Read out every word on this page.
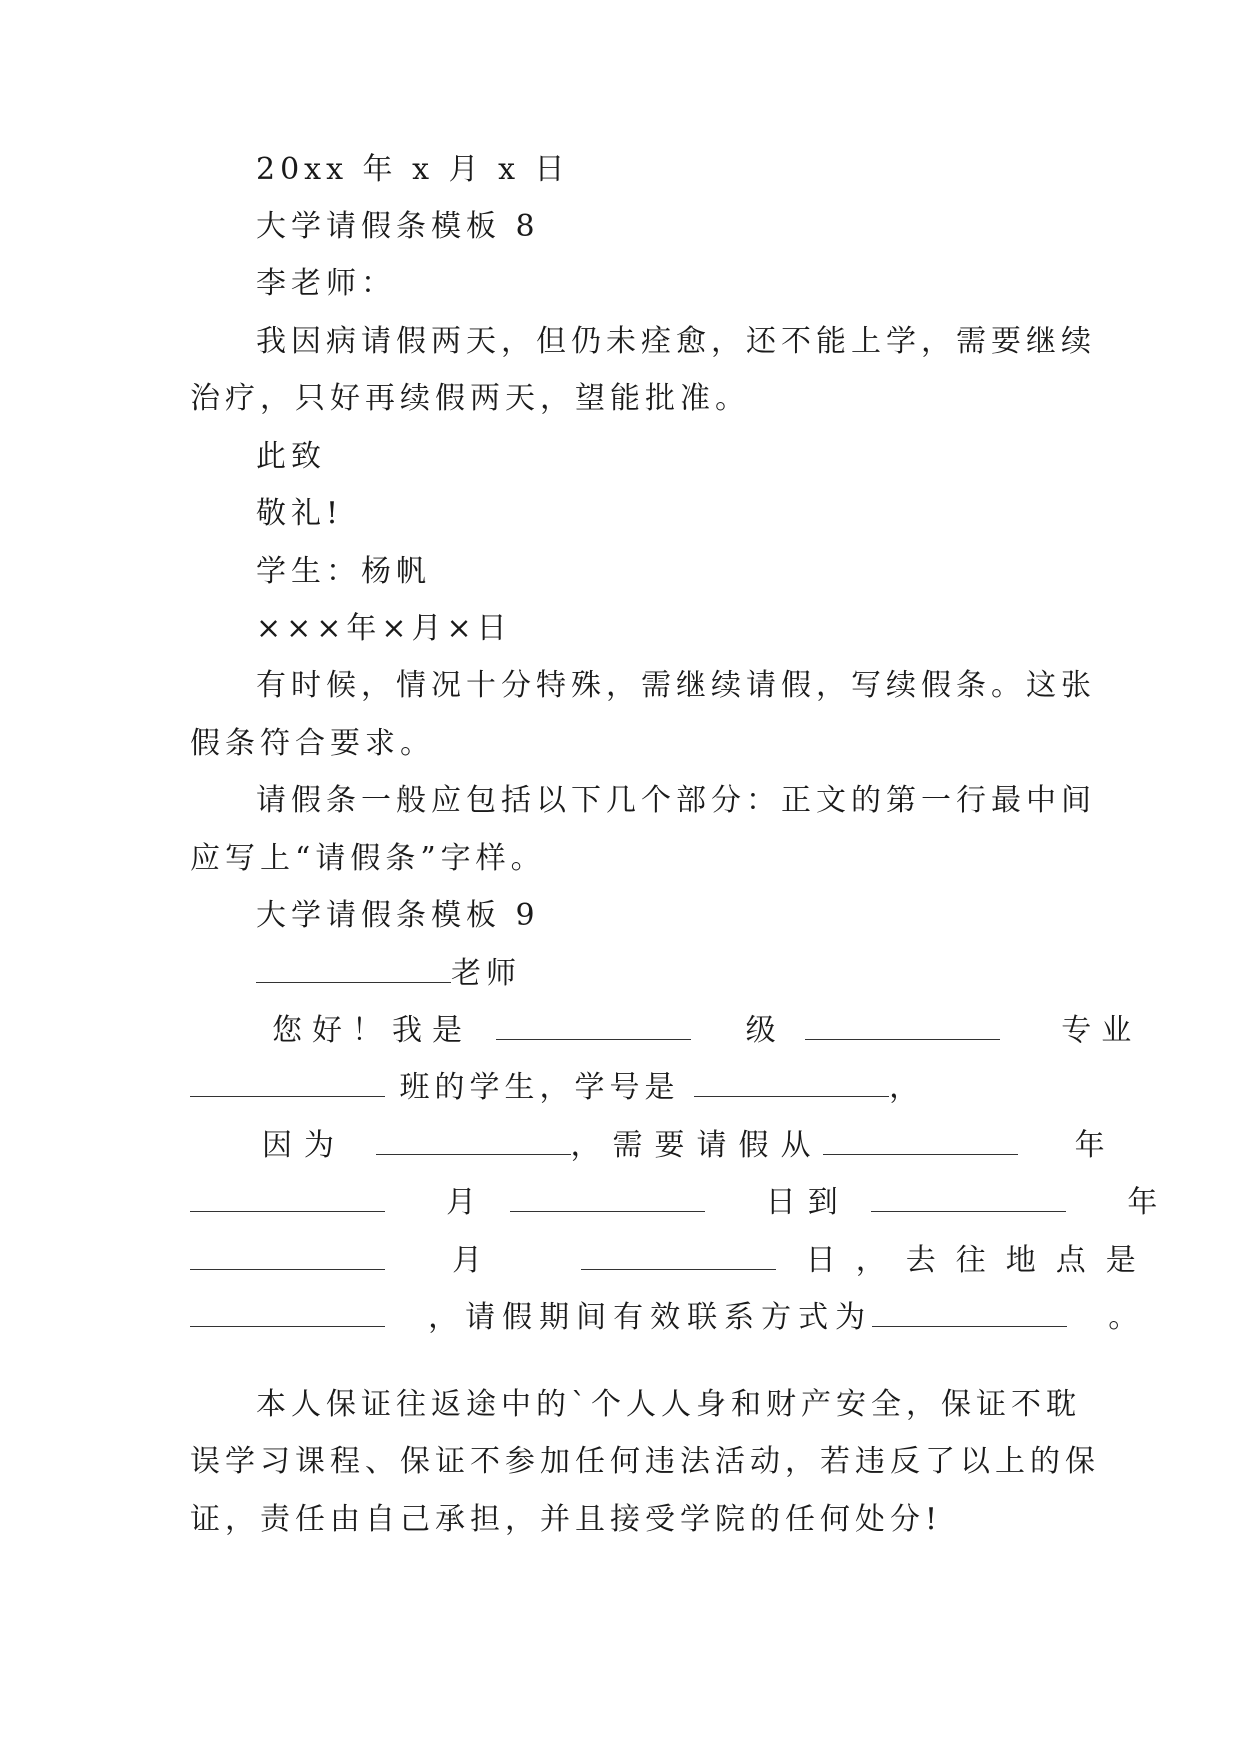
20xx 年 x 月 x 日
大学请假条模板 8
李老师：
我因病请假两天，但仍未痊愈，还不能上学，需要继续
治疗，只好再续假两天，望能批准。
此致
敬礼!
学生：杨帆
×××年×月×日
有时候，情况十分特殊，需继续请假，写续假条。这张
假条符合要求。
请假条一般应包括以下几个部分：正文的第一行最中间
应写上“请假条”字样。
大学请假条模板 9
老师
您好！我是	级	专业
班的学生，学号是	，
因为	，需要请假从	年
月	日到	年
月	日，去往地点是
，请假期间有效联系方式为	。
本人保证往返途中的`个人人身和财产安全，保证不耽
误学习课程、保证不参加任何违法活动，若违反了以上的保
证，责任由自己承担，并且接受学院的任何处分!
